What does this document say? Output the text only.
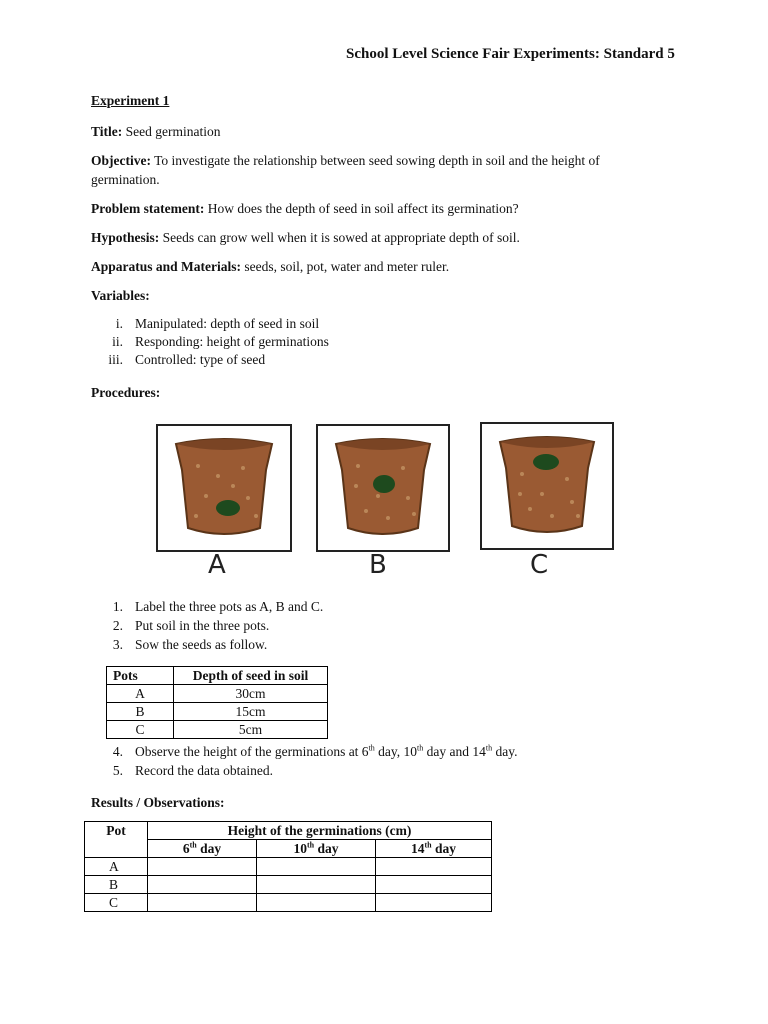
School Level Science Fair Experiments: Standard 5
Experiment 1
Title: Seed germination
Objective: To investigate the relationship between seed sowing depth in soil and the height of
germination.
Problem statement: How does the depth of seed in soil affect its germination?
Hypothesis: Seeds can grow well when it is sowed at appropriate depth of soil.
Apparatus and Materials: seeds, soil, pot, water and meter ruler.
Variables:
i. Manipulated: depth of seed in soil
ii. Responding: height of germinations
iii. Controlled: type of seed
Procedures:
A	B	C
1. Label the three pots as A, B and C.
2. Put soil in the three pots.
3. Sow the seeds as follow.
Pots	Depth of seed in soil
A	30cm
B	15cm
C	5cm
4. Observe the height of the germinations at 6th day, 10th day and 14th day.
5. Record the data obtained.
Results / Observations:
Pot	Height of the germinations (cm)		
	6th day	10th day	14th day
A			
B			
C			
